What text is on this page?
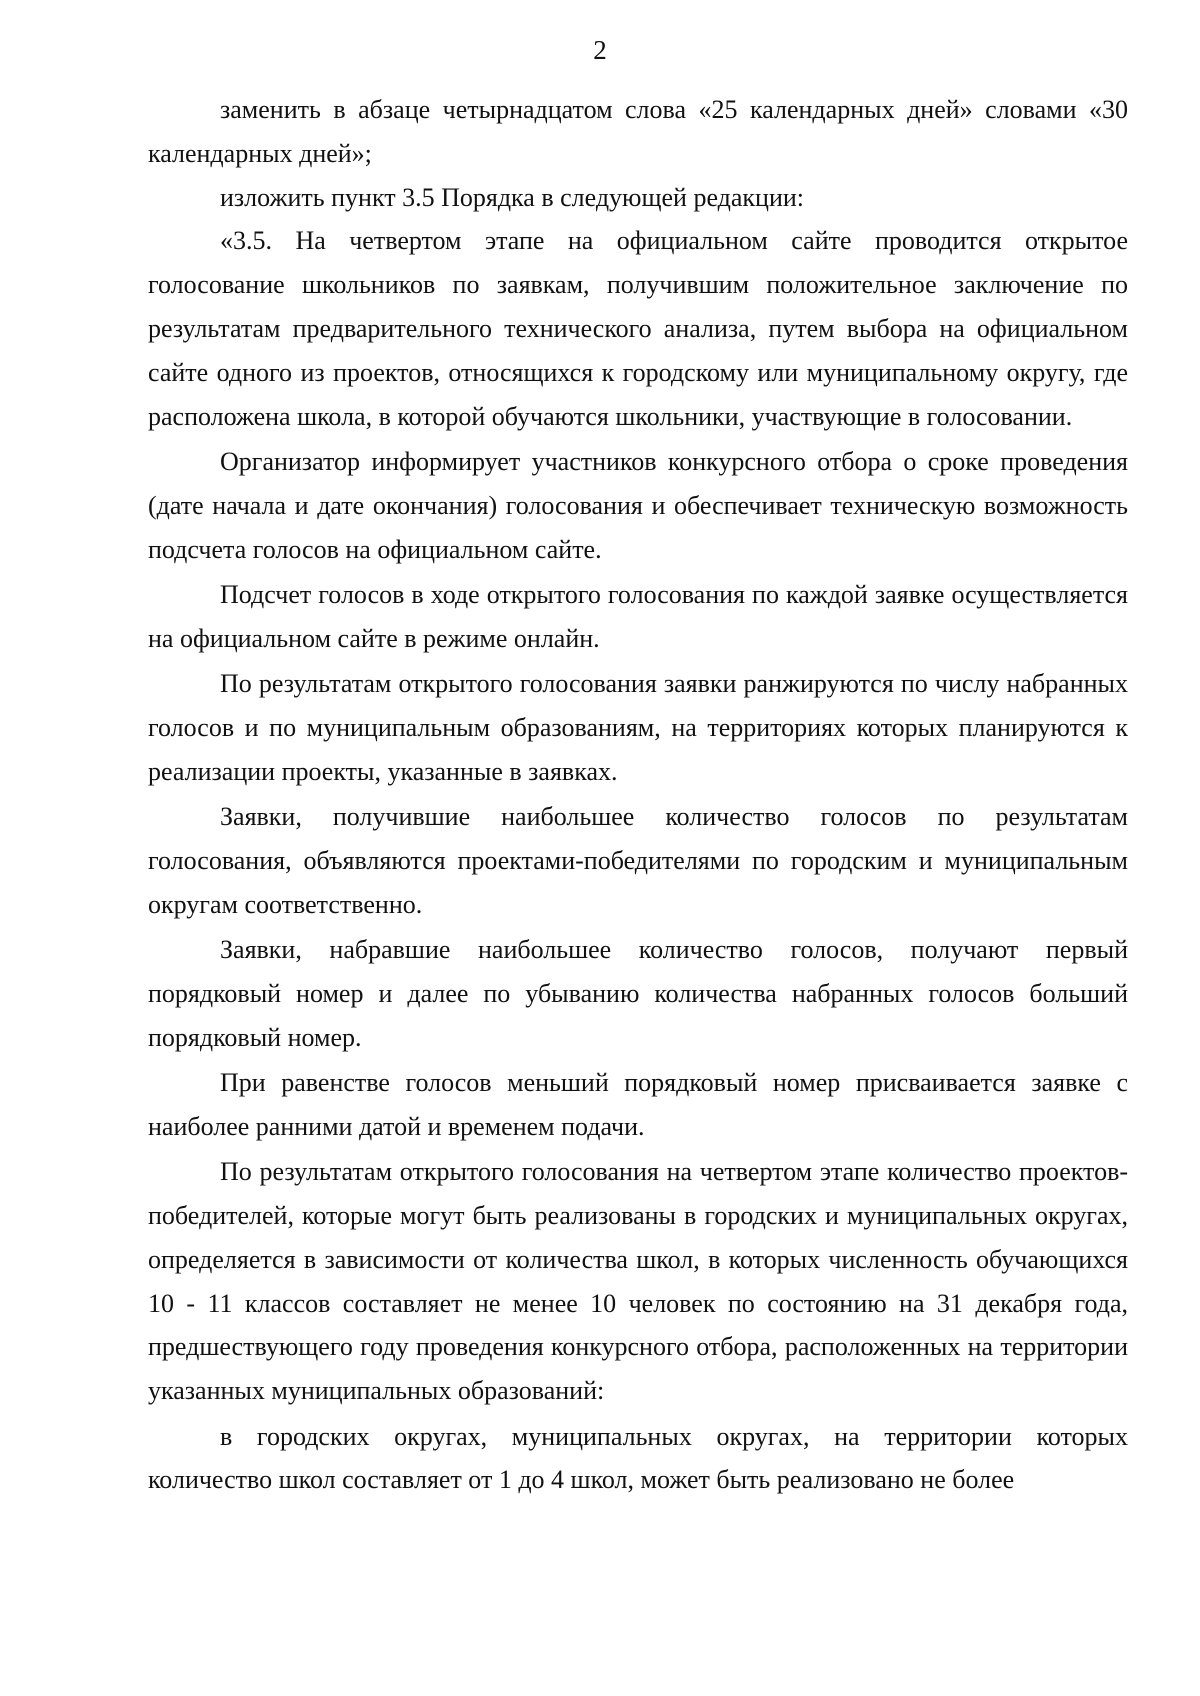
2

заменить в абзаце четырнадцатом слова «25 календарных дней» словами «30 календарных дней»;

изложить пункт 3.5 Порядка в следующей редакции:

«3.5. На четвертом этапе на официальном сайте проводится открытое голосование школьников по заявкам, получившим положительное заключение по результатам предварительного технического анализа, путем выбора на официальном сайте одного из проектов, относящихся к городскому или муниципальному округу, где расположена школа, в которой обучаются школьники, участвующие в голосовании.

Организатор информирует участников конкурсного отбора о сроке проведения (дате начала и дате окончания) голосования и обеспечивает техническую возможность подсчета голосов на официальном сайте.

Подсчет голосов в ходе открытого голосования по каждой заявке осуществляется на официальном сайте в режиме онлайн.

По результатам открытого голосования заявки ранжируются по числу набранных голосов и по муниципальным образованиям, на территориях которых планируются к реализации проекты, указанные в заявках.

Заявки, получившие наибольшее количество голосов по результатам голосования, объявляются проектами-победителями по городским и муниципальным округам соответственно.

Заявки, набравшие наибольшее количество голосов, получают первый порядковый номер и далее по убыванию количества набранных голосов больший порядковый номер.

При равенстве голосов меньший порядковый номер присваивается заявке с наиболее ранними датой и временем подачи.

По результатам открытого голосования на четвертом этапе количество проектов-победителей, которые могут быть реализованы в городских и муниципальных округах, определяется в зависимости от количества школ, в которых численность обучающихся 10 - 11 классов составляет не менее 10 человек по состоянию на 31 декабря года, предшествующего году проведения конкурсного отбора, расположенных на территории указанных муниципальных образований:

в городских округах, муниципальных округах, на территории которых количество школ составляет от 1 до 4 школ, может быть реализовано не более
